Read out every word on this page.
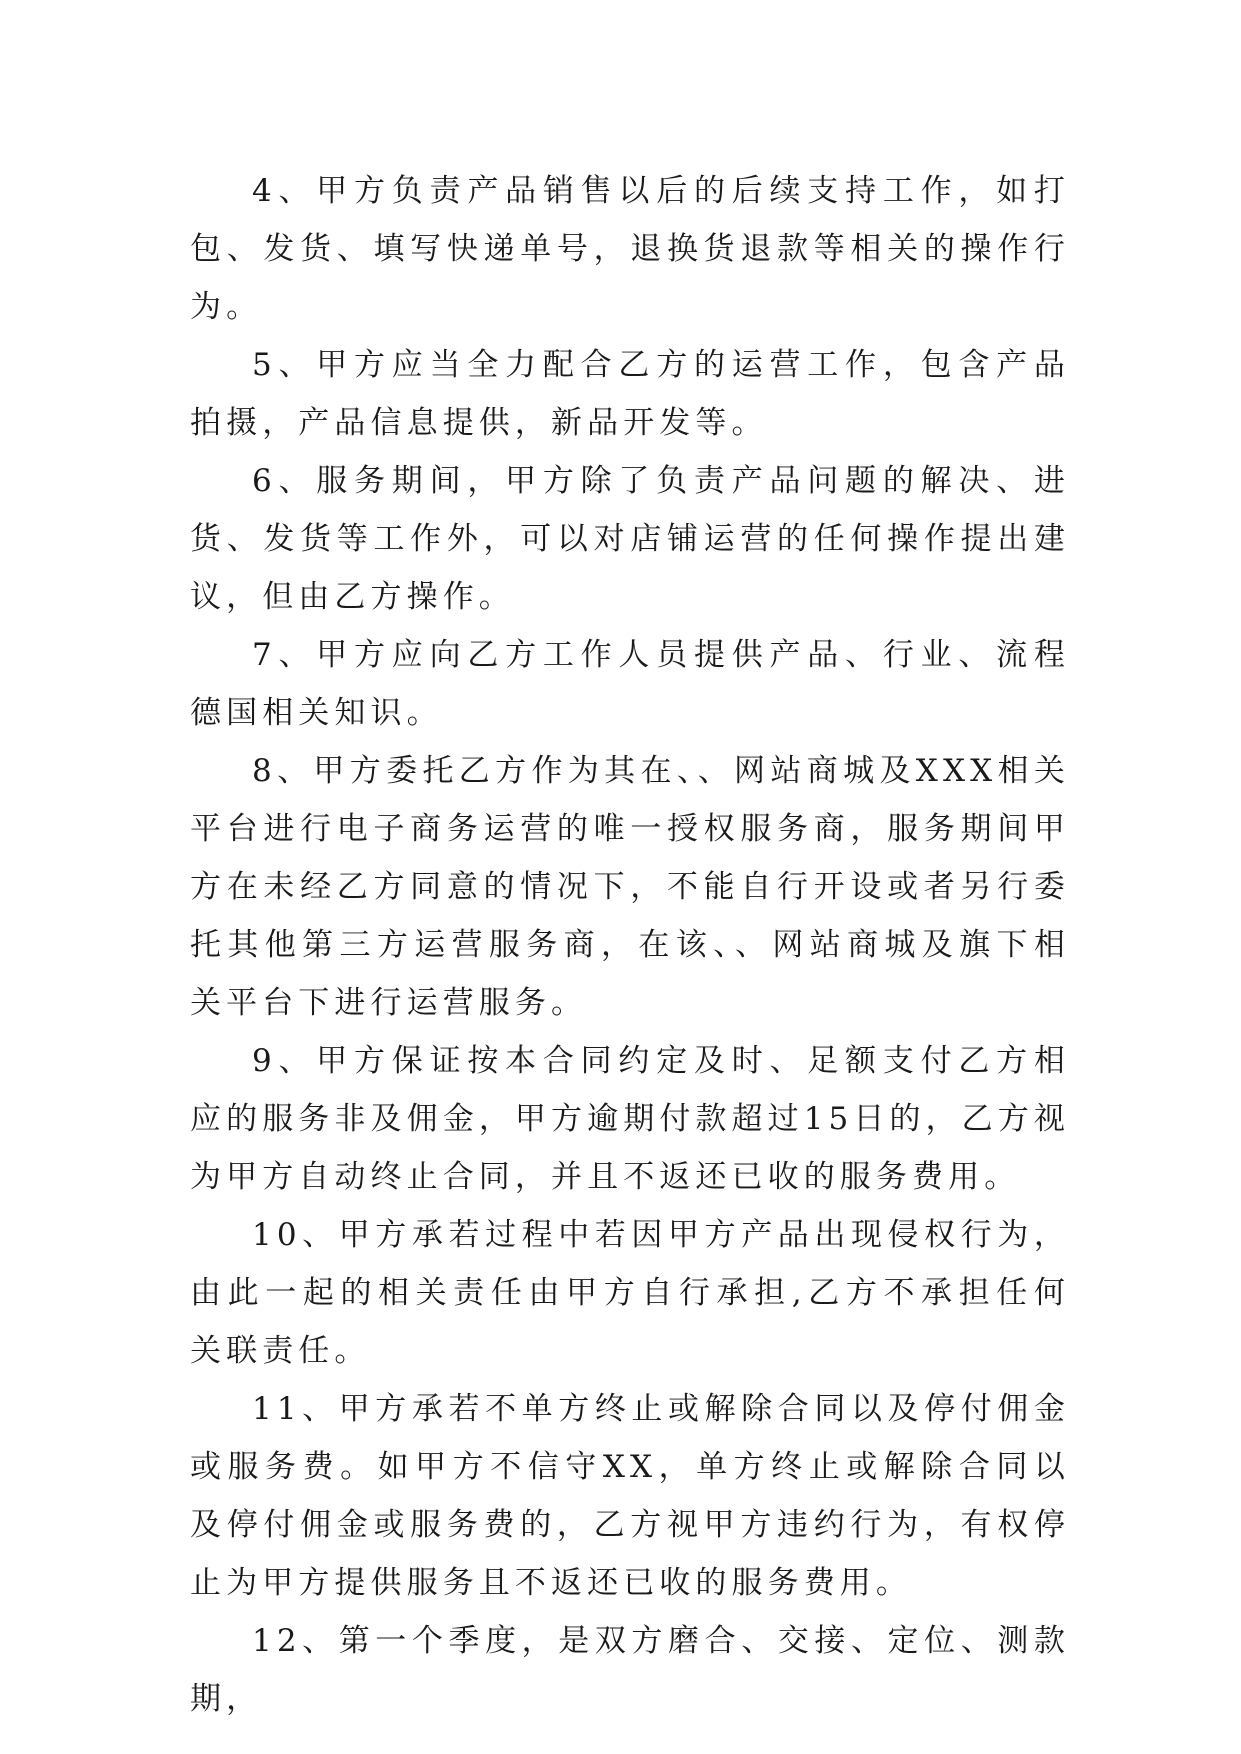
4、甲方负责产品销售以后的后续支持工作，如打包、发货、填写快递单号，退换货退款等相关的操作行为。

5、甲方应当全力配合乙方的运营工作，包含产品拍摄，产品信息提供，新品开发等。

6、服务期间，甲方除了负责产品问题的解决、进货、发货等工作外，可以对店铺运营的任何操作提出建议，但由乙方操作。

7、甲方应向乙方工作人员提供产品、行业、流程德国相关知识。

8、甲方委托乙方作为其在、、网站商城及XXX相关平台进行电子商务运营的唯一授权服务商，服务期间甲方在未经乙方同意的情况下，不能自行开设或者另行委托其他第三方运营服务商，在该、、网站商城及旗下相关平台下进行运营服务。

9、甲方保证按本合同约定及时、足额支付乙方相应的服务非及佣金，甲方逾期付款超过15日的，乙方视为甲方自动终止合同，并且不返还已收的服务费用。

10、甲方承若过程中若因甲方产品出现侵权行为，由此一起的相关责任由甲方自行承担,乙方不承担任何关联责任。

11、甲方承若不单方终止或解除合同以及停付佣金或服务费。如甲方不信守XX，单方终止或解除合同以及停付佣金或服务费的，乙方视甲方违约行为，有权停止为甲方提供服务且不返还已收的服务费用。

12、第一个季度，是双方磨合、交接、定位、测款期，
